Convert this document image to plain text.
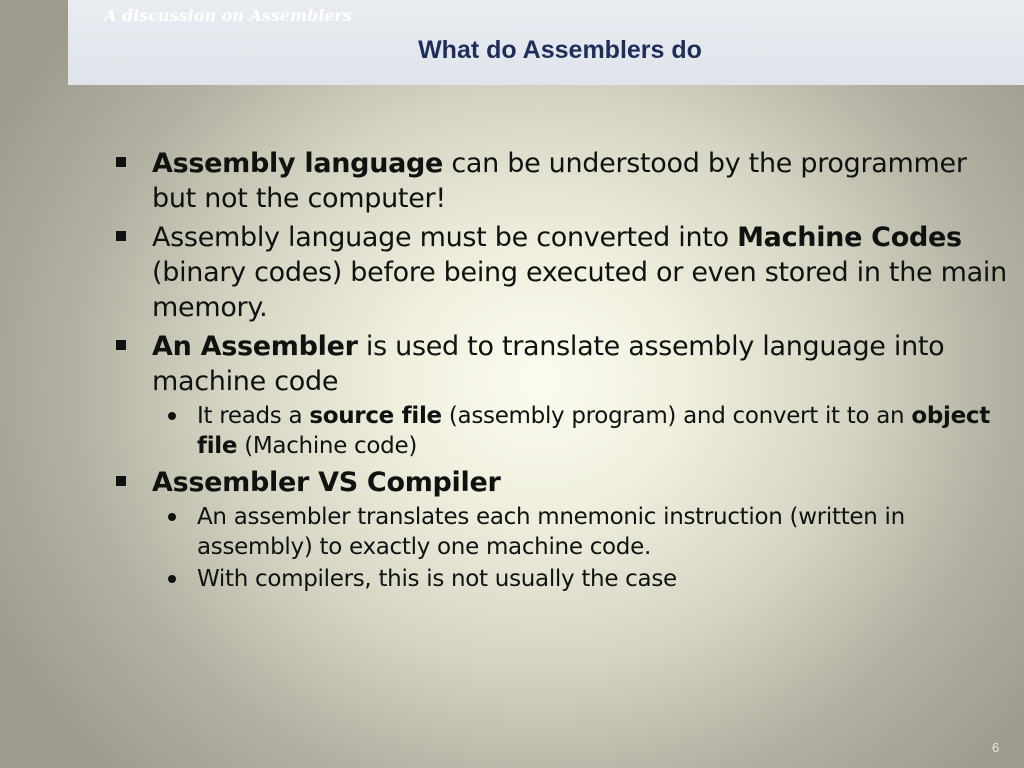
A discussion on Assemblers
What do Assemblers do
Assembly language can be understood by the programmer but not the computer!
Assembly language must be converted into Machine Codes (binary codes) before being executed or even stored in the main memory.
An Assembler is used to translate assembly language into machine code
It reads a source file (assembly program) and convert it to an object file (Machine code)
Assembler VS Compiler
An assembler translates each mnemonic instruction (written in assembly) to exactly one machine code.
With compilers, this is not usually the case
6
